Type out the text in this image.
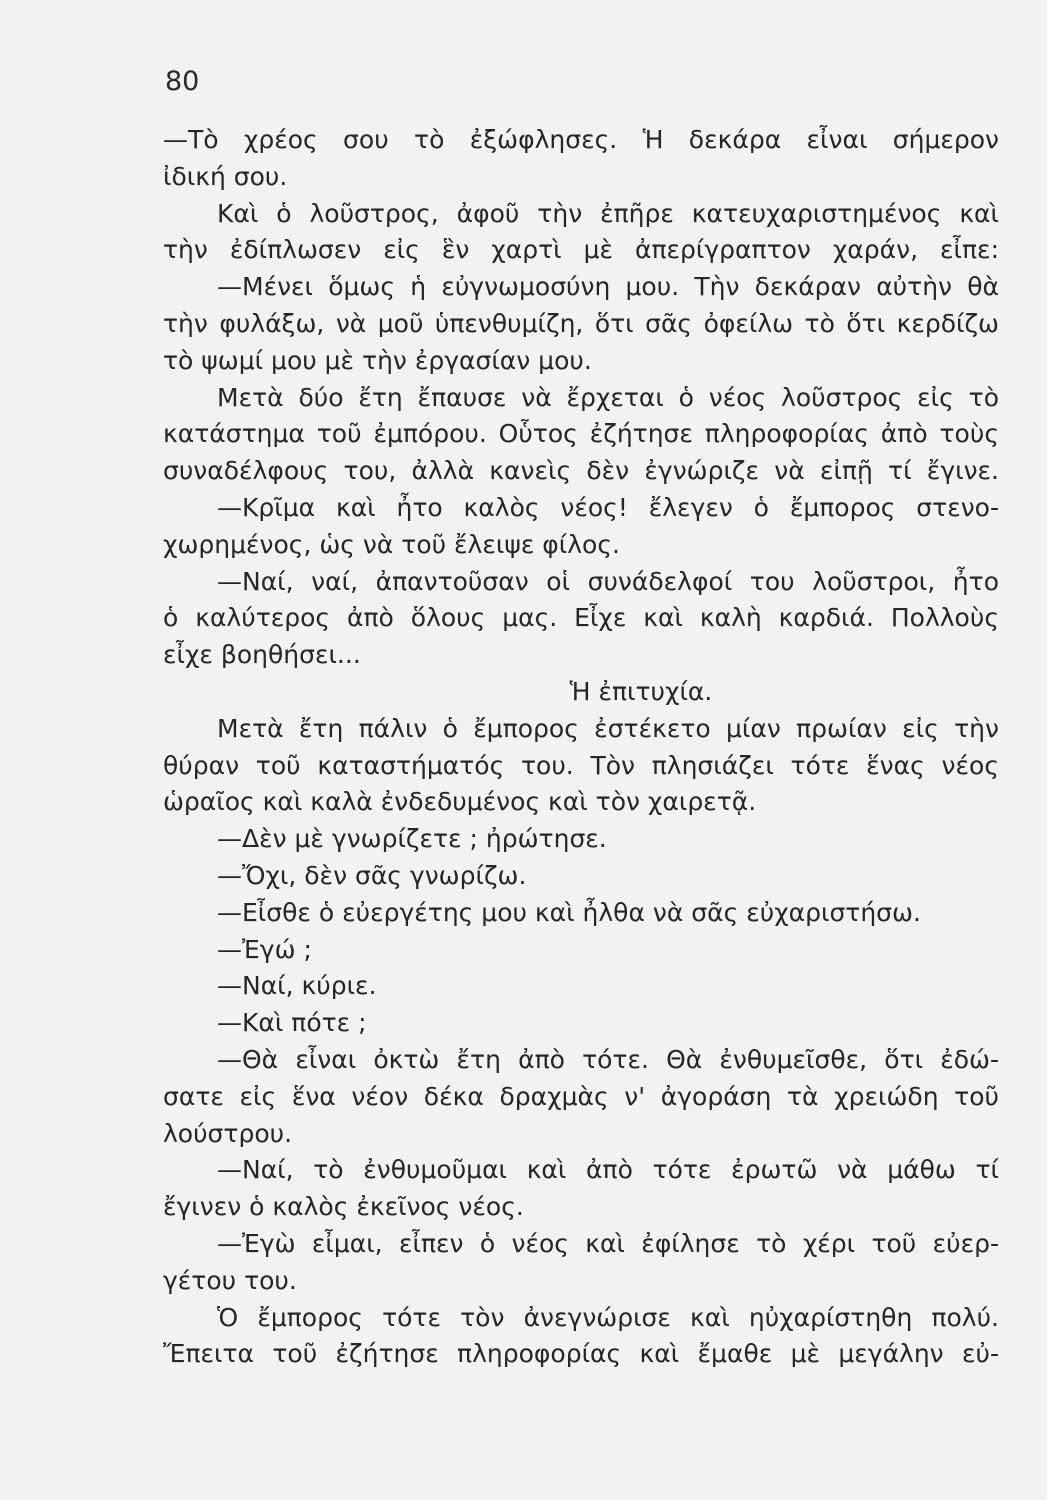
80
—Τὸ χρέος σου τὸ ἐξώφλησες. Ἡ δεκάρα εἶναι σήμερον
ἰδική σου.
Καὶ ὁ λοῦστρος, ἀφοῦ τὴν ἐπῆρε κατευχαριστημένος καὶ
τὴν ἐδίπλωσεν εἰς ἓν χαρτὶ μὲ ἀπερίγραπτον χαράν, εἶπε:
—Μένει ὅμως ἡ εὐγνωμοσύνη μου. Τὴν δεκάραν αὐτὴν θὰ
τὴν φυλάξω, νὰ μοῦ ὑπενθυμίζη, ὅτι σᾶς ὀφείλω τὸ ὅτι κερδίζω
τὸ ψωμί μου μὲ τὴν ἐργασίαν μου.
Μετὰ δύο ἔτη ἔπαυσε νὰ ἔρχεται ὁ νέος λοῦστρος εἰς τὸ
κατάστημα τοῦ ἐμπόρου. Οὗτος ἐζήτησε πληροφορίας ἀπὸ τοὺς
συναδέλφους του, ἀλλὰ κανεὶς δὲν ἐγνώριζε νὰ εἰπῇ τί ἔγινε.
—Κρῖμα καὶ ἦτο καλὸς νέος! ἔλεγεν ὁ ἔμπορος στενο-
χωρημένος, ὡς νὰ τοῦ ἔλειψε φίλος.
—Ναί, ναί, ἀπαντοῦσαν οἱ συνάδελφοί του λοῦστροι, ἦτο
ὁ καλύτερος ἀπὸ ὅλους μας. Εἶχε καὶ καλὴ καρδιά. Πολλοὺς
εἶχε βοηθήσει...
Ἡ ἐπιτυχία.
Μετὰ ἔτη πάλιν ὁ ἔμπορος ἐστέκετο μίαν πρωίαν εἰς τὴν
θύραν τοῦ καταστήματός του. Τὸν πλησιάζει τότε ἕνας νέος
ὡραῖος καὶ καλὰ ἐνδεδυμένος καὶ τὸν χαιρετᾷ.
—Δὲν μὲ γνωρίζετε ; ἠρώτησε.
—Ὄχι, δὲν σᾶς γνωρίζω.
—Εἶσθε ὁ εὐεργέτης μου καὶ ἦλθα νὰ σᾶς εὐχαριστήσω.
—Ἐγώ ;
—Ναί, κύριε.
—Καὶ πότε ;
—Θὰ εἶναι ὀκτὼ ἔτη ἀπὸ τότε. Θὰ ἐνθυμεῖσθε, ὅτι ἐδώ-
σατε εἰς ἕνα νέον δέκα δραχμὰς ν' ἀγοράση τὰ χρειώδη τοῦ
λούστρου.
—Ναί, τὸ ἐνθυμοῦμαι καὶ ἀπὸ τότε ἐρωτῶ νὰ μάθω τί
ἔγινεν ὁ καλὸς ἐκεῖνος νέος.
—Ἐγὼ εἶμαι, εἶπεν ὁ νέος καὶ ἐφίλησε τὸ χέρι τοῦ εὐερ-
γέτου του.
Ὁ ἔμπορος τότε τὸν ἀνεγνώρισε καὶ ηὐχαρίστηθη πολύ.
Ἔπειτα τοῦ ἐζήτησε πληροφορίας καὶ ἔμαθε μὲ μεγάλην εὐ-
